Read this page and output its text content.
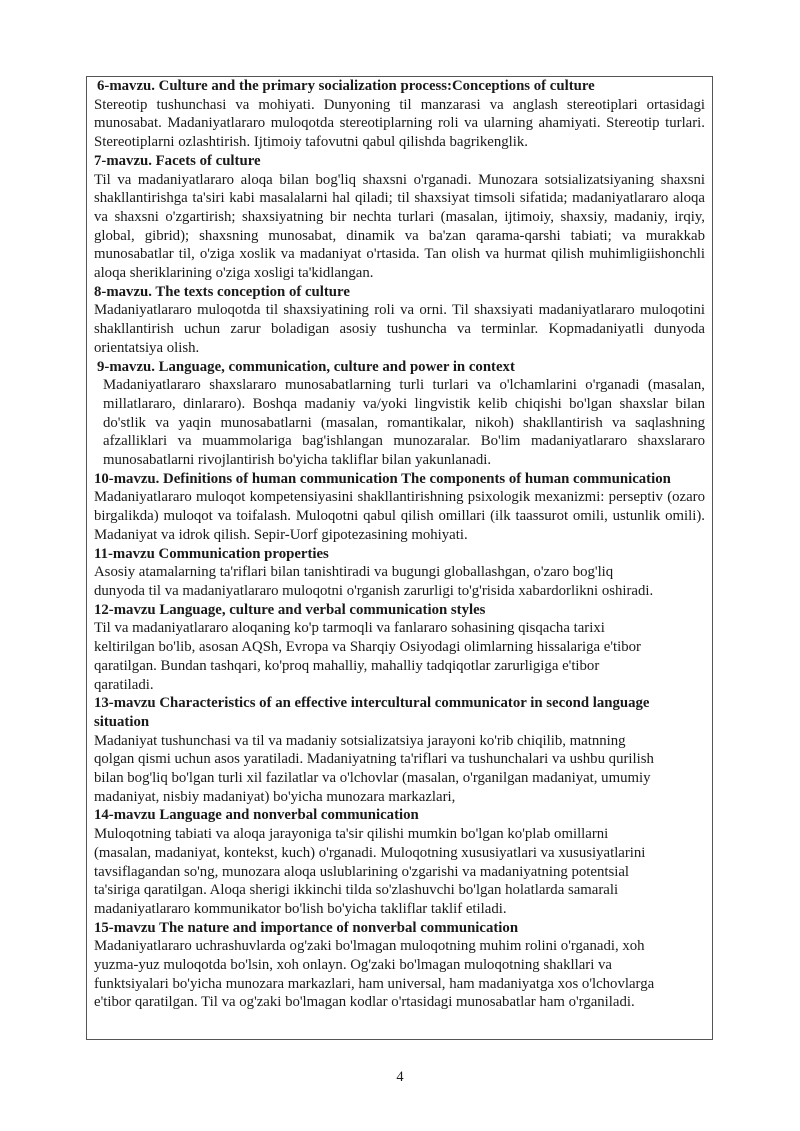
6-mavzu. Culture and the primary socialization process:Conceptions of culture

Stereotip tushunchasi va mohiyati. Dunyoning til manzarasi va anglash stereotiplari ortasidagi munosabat. Madaniyatlararo muloqotda stereotiplarning roli va ularning ahamiyati. Stereotip turlari. Stereotiplarni ozlashtirish. Ijtimoiy tafovutni qabul qilishda bagrikenglik.

7-mavzu. Facets of culture

Til va madaniyatlararo aloqa bilan bog'liq shaxsni o'rganadi. Munozara sotsializatsiyaning shaxsni shakllantirishga ta'siri kabi masalalarni hal qiladi; til shaxsiyat timsoli sifatida; madaniyatlararo aloqa va shaxsni o'zgartirish; shaxsiyatning bir nechta turlari (masalan, ijtimoiy, shaxsiy, madaniy, irqiy, global, gibrid); shaxsning munosabat, dinamik va ba'zan qarama-qarshi tabiati; va murakkab munosabatlar til, o'ziga xoslik va madaniyat o'rtasida. Tan olish va hurmat qilish muhimligiishonchli aloqa sheriklarining o'ziga xosligi ta'kidlangan.

8-mavzu. The texts conception of culture

Madaniyatlararo muloqotda til shaxsiyatining roli va orni. Til shaxsiyati madaniyatlararo muloqotini shakllantirish uchun zarur boladigan asosiy tushuncha va terminlar. Kopmadaniyatli dunyoda orientatsiya olish.

9-mavzu. Language, communication, culture and power in context

Madaniyatlararo shaxslararo munosabatlarning turli turlari va o'lchamlarini o'rganadi (masalan, millatlararo, dinlararo). Boshqa madaniy va/yoki lingvistik kelib chiqishi bo'lgan shaxslar bilan do'stlik va yaqin munosabatlarni (masalan, romantikalar, nikoh) shakllantirish va saqlashning afzalliklari va muammolariga bag'ishlangan munozaralar. Bo'lim madaniyatlararo shaxslararo munosabatlarni rivojlantirish bo'yicha takliflar bilan yakunlanadi.

10-mavzu. Definitions of human communication The components of human communication

Madaniyatlararo muloqot kompetensiyasini shakllantirishning psixologik mexanizmi: perseptiv (ozaro birgalikda) muloqot va toifalash. Muloqotni qabul qilish omillari (ilk taassurot omili, ustunlik omili). Madaniyat va idrok qilish. Sepir-Uorf gipotezasining mohiyati.

11-mavzu Communication properties

Asosiy atamalarning ta'riflari bilan tanishtiradi va bugungi globallashgan, o'zaro bog'liq

dunyoda til va madaniyatlararo muloqotni o'rganish zarurligi to'g'risida xabardorlikni oshiradi.

12-mavzu Language, culture and verbal communication styles

Til va madaniyatlararo aloqaning ko'p tarmoqli va fanlararo sohasining qisqacha tarixi

keltirilgan bo'lib, asosan AQSh, Evropa va Sharqiy Osiyodagi olimlarning hissalariga e'tibor

qaratilgan. Bundan tashqari, ko'proq mahalliy, mahalliy tadqiqotlar zarurligiga e'tibor

qaratiladi.

13-mavzu Characteristics of an effective intercultural communicator in second language situation

Madaniyat tushunchasi va til va madaniy sotsializatsiya jarayoni ko'rib chiqilib, matnning

qolgan qismi uchun asos yaratiladi. Madaniyatning ta'riflari va tushunchalari va ushbu qurilish

bilan bog'liq bo'lgan turli xil fazilatlar va o'lchovlar (masalan, o'rganilgan madaniyat, umumiy

madaniyat, nisbiy madaniyat) bo'yicha munozara markazlari,

14-mavzu Language and nonverbal communication

Muloqotning tabiati va aloqa jarayoniga ta'sir qilishi mumkin bo'lgan ko'plab omillarni

(masalan, madaniyat, kontekst, kuch) o'rganadi. Muloqotning xususiyatlari va xususiyatlarini

tavsiflagandan so'ng, munozara aloqa uslublarining o'zgarishi va madaniyatning potentsial

ta'siriga qaratilgan. Aloqa sherigi ikkinchi tilda so'zlashuvchi bo'lgan holatlarda samarali

madaniyatlararo kommunikator bo'lish bo'yicha takliflar taklif etiladi.

15-mavzu The nature and importance of nonverbal communication

Madaniyatlararo uchrashuvlarda og'zaki bo'lmagan muloqotning muhim rolini o'rganadi, xoh

yuzma-yuz muloqotda bo'lsin, xoh onlayn. Og'zaki bo'lmagan muloqotning shakllari va

funktsiyalari bo'yicha munozara markazlari, ham universal, ham madaniyatga xos o'lchovlarga

e'tibor qaratilgan. Til va og'zaki bo'lmagan kodlar o'rtasidagi munosabatlar ham o'rganiladi.

4
